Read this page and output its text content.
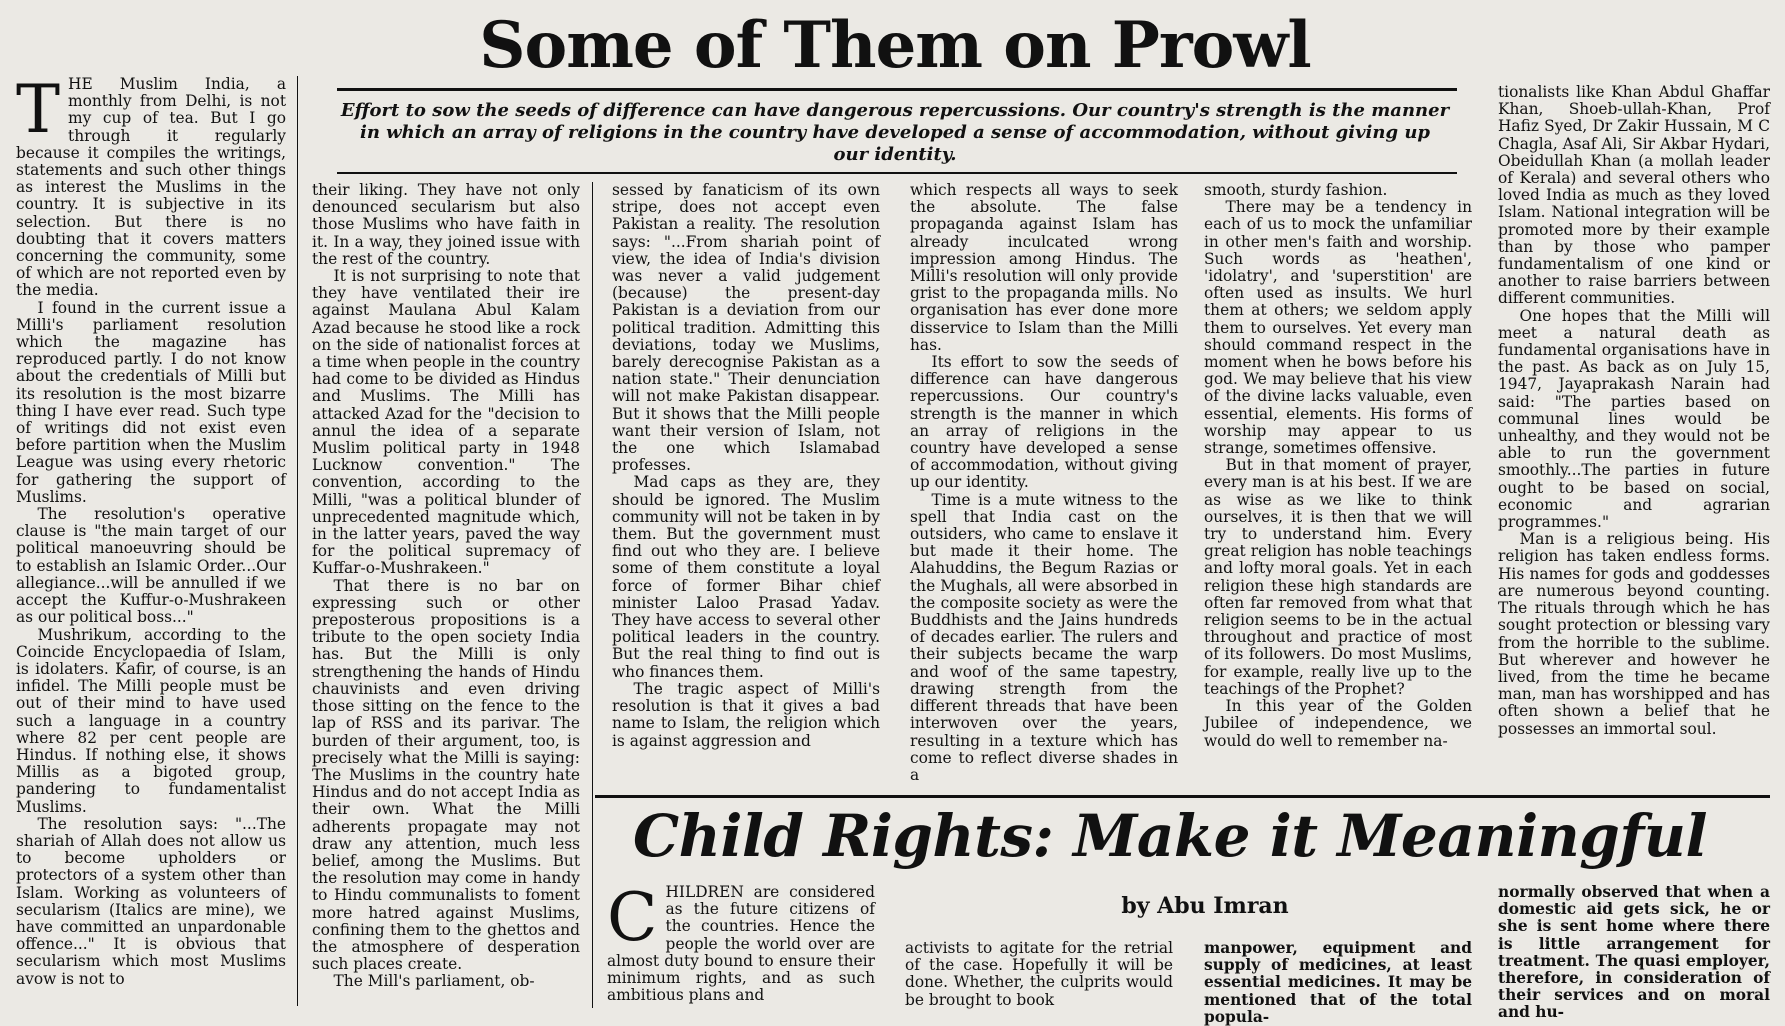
Some of Them on Prowl
Effort to sow the seeds of difference can have dangerous repercussions. Our country's strength is the manner in which an array of religions in the country have developed a sense of accommodation, without giving up our identity.
T HE Muslim India, a monthly from Delhi, is not my cup of tea. But I go through it regularly because it compiles the writings, statements and such other things as interest the Muslims in the country. It is subjective in its selection. But there is no doubting that it covers matters concerning the community, some of which are not reported even by the media.

I found in the current issue a Milli's parliament resolution which the magazine has reproduced partly. I do not know about the credentials of Milli but its resolution is the most bizarre thing I have ever read. Such type of writings did not exist even before partition when the Muslim League was using every rhetoric for gathering the support of Muslims.

The resolution's operative clause is "the main target of our political manoeuvring should be to establish an Islamic Order...Our allegiance...will be annulled if we accept the Kuffur-o-Mushrakeen as our political boss..."

Mushrikum, according to the Coincide Encyclopaedia of Islam, is idolaters. Kafir, of course, is an infidel. The Milli people must be out of their mind to have used such a language in a country where 82 per cent people are Hindus. If nothing else, it shows Millis as a bigoted group, pandering to fundamentalist Muslims.

The resolution says: "...The shariah of Allah does not allow us to become upholders or protectors of a system other than Islam. Working as volunteers of secularism (Italics are mine), we have committed an unpardonable offence..." It is obvious that secularism which most Muslims avow is not to

their liking. They have not only denounced secularism but also those Muslims who have faith in it. In a way, they joined issue with the rest of the country.

It is not surprising to note that they have ventilated their ire against Maulana Abul Kalam Azad because he stood like a rock on the side of nationalist forces at a time when people in the country had come to be divided as Hindus and Muslims. The Milli has attacked Azad for the "decision to annul the idea of a separate Muslim political party in 1948 Lucknow convention." The convention, according to the Milli, "was a political blunder of unprecedented magnitude which, in the latter years, paved the way for the political supremacy of Kuffar-o-Mushrakeen."

That there is no bar on expressing such or other preposterous propositions is a tribute to the open society India has. But the Milli is only strengthening the hands of Hindu chauvinists and even driving those sitting on the fence to the lap of RSS and its parivar. The burden of their argument, too, is precisely what the Milli is saying: The Muslims in the country hate Hindus and do not accept India as their own. What the Milli adherents propagate may not draw any attention, much less belief, among the Muslims. But the resolution may come in handy to Hindu communalists to foment more hatred against Muslims, confining them to the ghettos and the atmosphere of desperation such places create.

The Mill's parliament, ob-

sessed by fanaticism of its own stripe, does not accept even Pakistan a reality. The resolution says: "...From shariah point of view, the idea of India's division was never a valid judgement (because) the present-day Pakistan is a deviation from our political tradition. Admitting this deviations, today we Muslims, barely derecognise Pakistan as a nation state." Their denunciation will not make Pakistan disappear. But it shows that the Milli people want their version of Islam, not the one which Islamabad professes.

Mad caps as they are, they should be ignored. The Muslim community will not be taken in by them. But the government must find out who they are. I believe some of them constitute a loyal force of former Bihar chief minister Laloo Prasad Yadav. They have access to several other political leaders in the country. But the real thing to find out is who finances them.

The tragic aspect of Milli's resolution is that it gives a bad name to Islam, the religion which is against aggression and

which respects all ways to seek the absolute. The false propaganda against Islam has already inculcated wrong impression among Hindus. The Milli's resolution will only provide grist to the propaganda mills. No organisation has ever done more disservice to Islam than the Milli has.

Its effort to sow the seeds of difference can have dangerous repercussions. Our country's strength is the manner in which an array of religions in the country have developed a sense of accommodation, without giving up our identity.

Time is a mute witness to the spell that India cast on the outsiders, who came to enslave it but made it their home. The Alahuddins, the Begum Razias or the Mughals, all were absorbed in the composite society as were the Buddhists and the Jains hundreds of decades earlier. The rulers and their subjects became the warp and woof of the same tapestry, drawing strength from the different threads that have been interwoven over the years, resulting in a texture which has come to reflect diverse shades in a

smooth, sturdy fashion.

There may be a tendency in each of us to mock the unfamiliar in other men's faith and worship. Such words as 'heathen', 'idolatry', and 'superstition' are often used as insults. We hurl them at others; we seldom apply them to ourselves. Yet every man should command respect in the moment when he bows before his god. We may believe that his view of the divine lacks valuable, even essential, elements. His forms of worship may appear to us strange, sometimes offensive.

But in that moment of prayer, every man is at his best. If we are as wise as we like to think ourselves, it is then that we will try to understand him. Every great religion has noble teachings and lofty moral goals. Yet in each religion these high standards are often far removed from what that religion seems to be in the actual throughout and practice of most of its followers. Do most Muslims, for example, really live up to the teachings of the Prophet?

In this year of the Golden Jubilee of independence, we would do well to remember na-

tionalists like Khan Abdul Ghaffar Khan, Shoeb-ullah-Khan, Prof Hafiz Syed, Dr Zakir Hussain, M C Chagla, Asaf Ali, Sir Akbar Hydari, Obeidullah Khan (a mollah leader of Kerala) and several others who loved India as much as they loved Islam. National integration will be promoted more by their example than by those who pamper fundamentalism of one kind or another to raise barriers between different communities.

One hopes that the Milli will meet a natural death as fundamental organisations have in the past. As back as on July 15, 1947, Jayaprakash Narain had said: "The parties based on communal lines would be unhealthy, and they would not be able to run the government smoothly...The parties in future ought to be based on social, economic and agrarian programmes."

Man is a religious being. His religion has taken endless forms. His names for gods and goddesses are numerous beyond counting. The rituals through which he has sought protection or blessing vary from the horrible to the sublime. But wherever and however he lived, from the time he became man, man has worshipped and has often shown a belief that he possesses an immortal soul.

Child Rights: Make it Meaningful
by Abu Imran
C HILDREN are considered as the future citizens of the countries. Hence the people the world over are almost duty bound to ensure their minimum rights, and as such ambitious plans and

activists to agitate for the retrial of the case. Hopefully it will be done. Whether, the culprits would be brought to book

manpower, equipment and supply of medicines, at least essential medicines. It may be mentioned that of the total popula-

normally observed that when a domestic aid gets sick, he or she is sent home where there is little arrangement for treatment. The quasi employer, therefore, in consideration of their services and on moral and hu-
